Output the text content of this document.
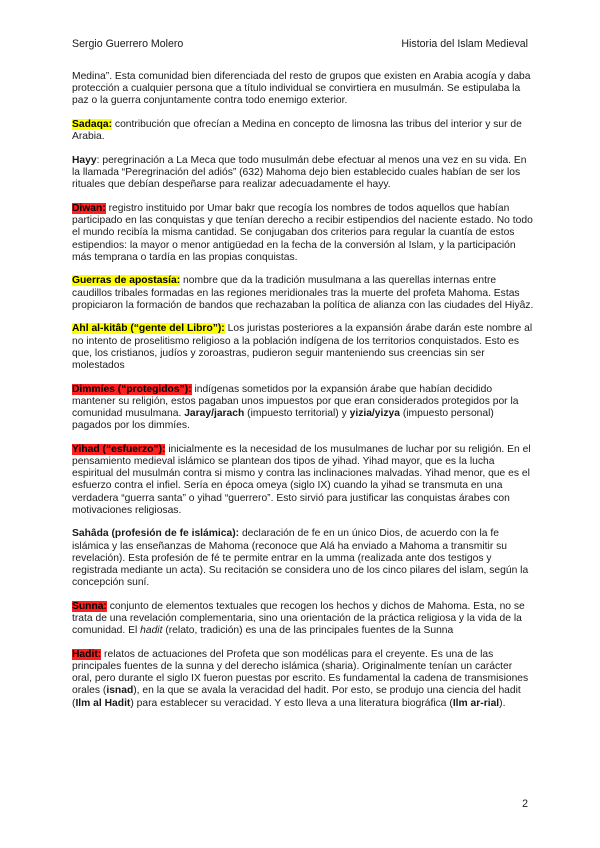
Sergio Guerrero Molero	Historia del Islam Medieval

Medina”. Esta comunidad bien diferenciada del resto de grupos que existen en Arabia acogía y daba protección a cualquier persona que a título individual se convirtiera en musulmán. Se estipulaba la paz o la guerra conjuntamente contra todo enemigo exterior.

Sadaqa: contribución que ofrecían a Medina en concepto de limosna las tribus del interior y sur de Arabia.

Hayy: peregrinación a La Meca que todo musulmán debe efectuar al menos una vez en su vida. En la llamada “Peregrinación del adiós” (632) Mahoma dejo bien establecido cuales habían de ser los rituales que debían despeñarse para realizar adecuadamente el hayy.

Diwan: registro instituido por Umar bakr que recogía los nombres de todos aquellos que habían participado en las conquistas y que tenían derecho a recibir estipendios del naciente estado. No todo el mundo recibía la misma cantidad. Se conjugaban dos criterios para regular la cuantía de estos estipendios: la mayor o menor antigüedad en la fecha de la conversión al Islam, y la participación más temprana o tardía en las propias conquistas.

Guerras de apostasía: nombre que da la tradición musulmana a las querellas internas entre caudillos tribales formadas en las regiones meridionales tras la muerte del profeta Mahoma. Estas propiciaron la formación de bandos que rechazaban la política de alianza con las ciudades del Hiyâz.

Ahl al-kitâb (“gente del Libro”): Los juristas posteriores a la expansión árabe darán este nombre al no intento de proselitismo religioso a la población indígena de los territorios conquistados. Esto es que, los cristianos, judíos y zoroastras, pudieron seguir manteniendo sus creencias sin ser molestados

Dimmíes (“protegidos”): indígenas sometidos por la expansión árabe que habían decidido mantener su religión, estos pagaban unos impuestos por que eran considerados protegidos por la comunidad musulmana. Jaray/jarach (impuesto territorial) y yizia/yizya (impuesto personal) pagados por los dimmíes.

Yihad (“esfuerzo”): inicialmente es la necesidad de los musulmanes de luchar por su religión. En el pensamiento medieval islámico se plantean dos tipos de yihad. Yihad mayor, que es la lucha espiritual del musulmán contra si mismo y contra las inclinaciones malvadas. Yihad menor, que es el esfuerzo contra el infiel. Sería en época omeya (siglo IX) cuando la yihad se transmuta en una verdadera “guerra santa” o yihad “guerrero”. Esto sirvió para justificar las conquistas árabes con motivaciones religiosas.

Sahâda (profesión de fe islámica): declaración de fe en un único Dios, de acuerdo con la fe islámica y las enseñanzas de Mahoma (reconoce que Alá ha enviado a Mahoma a transmitir su revelación). Esta profesión de fé te permite entrar en la umma (realizada ante dos testigos y registrada mediante un acta). Su recitación se considera uno de los cinco pilares del islam, según la concepción suní.

Sunna: conjunto de elementos textuales que recogen los hechos y dichos de Mahoma. Esta, no se trata de una revelación complementaria, sino una orientación de la práctica religiosa y la vida de la comunidad. El hadit (relato, tradición) es una de las principales fuentes de la Sunna

Hadit: relatos de actuaciones del Profeta que son modélicas para el creyente. Es una de las principales fuentes de la sunna y del derecho islámica (sharia). Originalmente tenían un carácter oral, pero durante el siglo IX fueron puestas por escrito. Es fundamental la cadena de transmisiones orales (isnad), en la que se avala la veracidad del hadit. Por esto, se produjo una ciencia del hadit (Ilm al Hadit) para establecer su veracidad. Y esto lleva a una literatura biográfica (Ilm ar-rial).

2
